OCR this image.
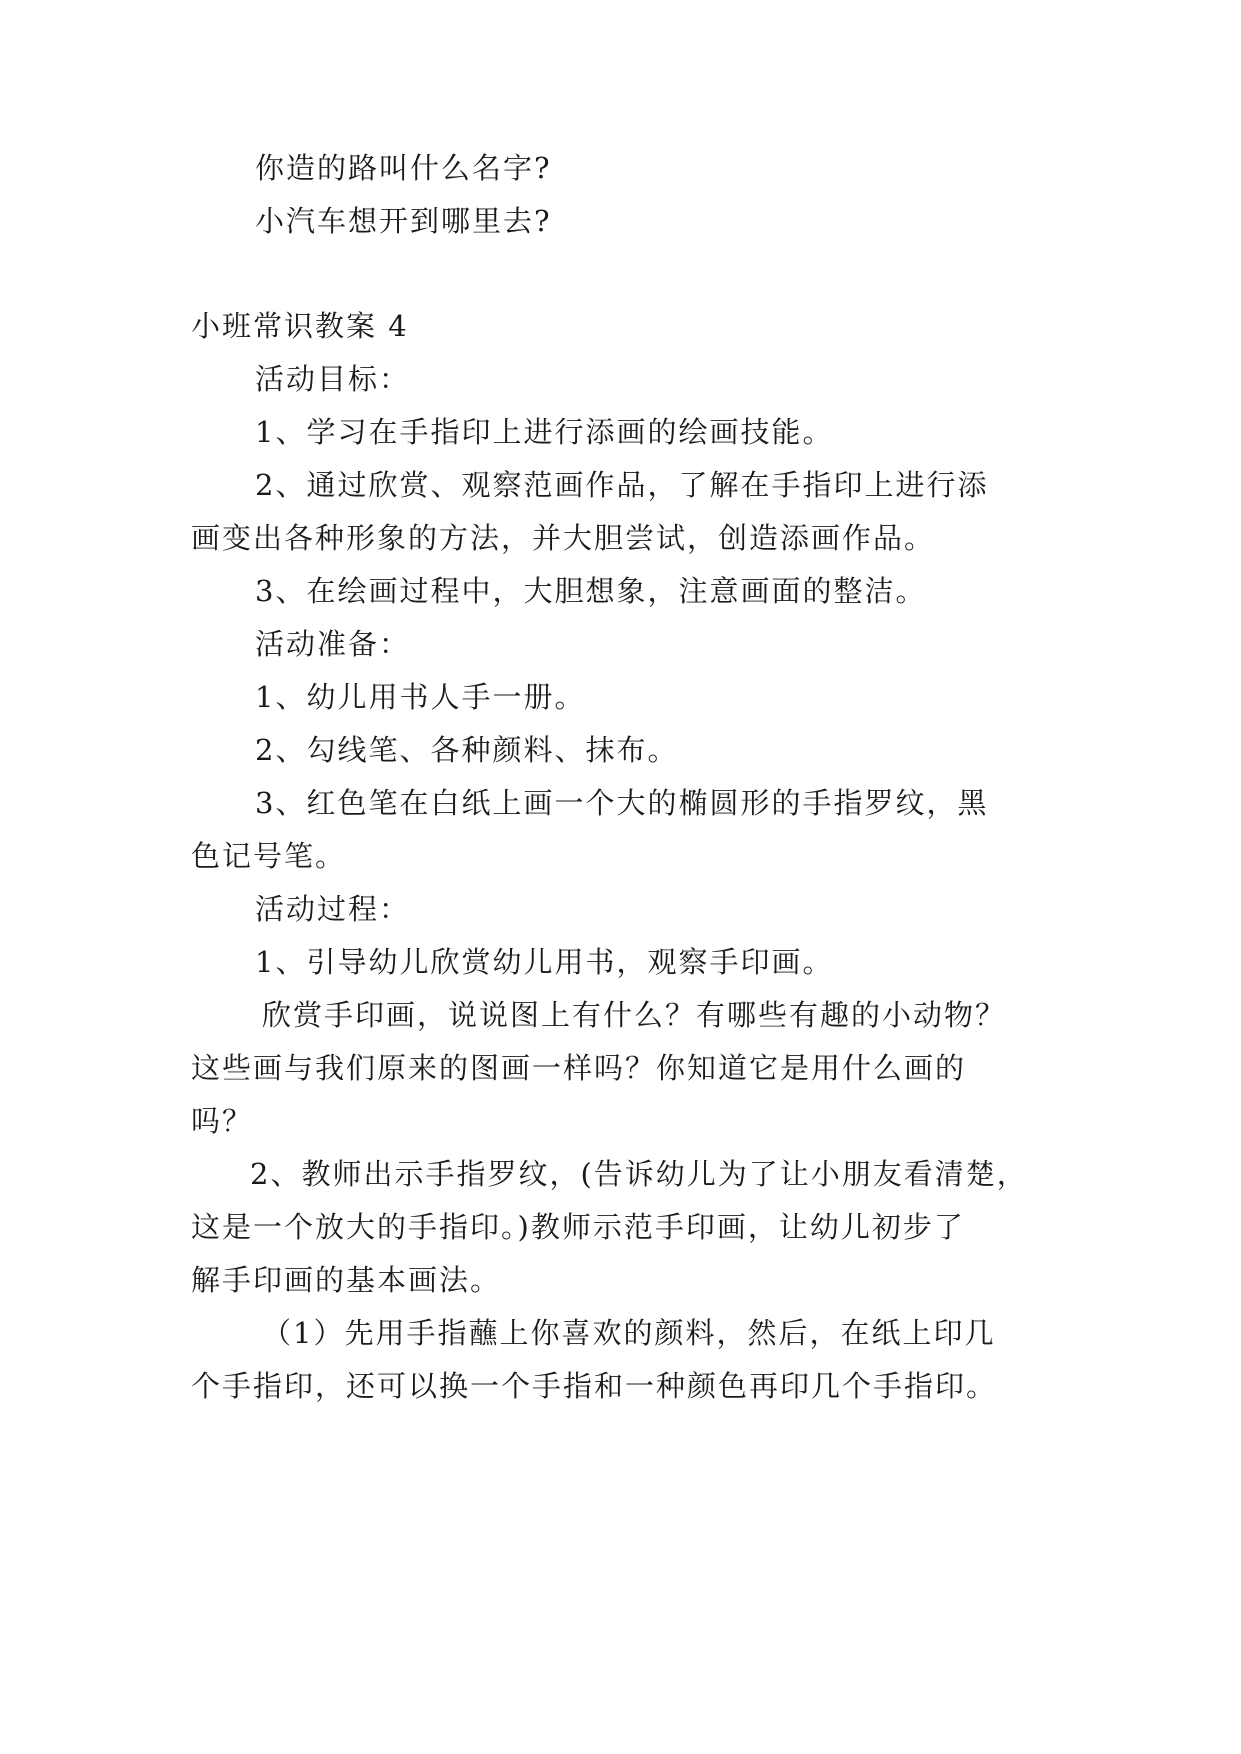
你造的路叫什么名字?
小汽车想开到哪里去?
小班常识教案 4
活动目标：
1、学习在手指印上进行添画的绘画技能。
2、通过欣赏、观察范画作品，了解在手指印上进行添
画变出各种形象的方法，并大胆尝试，创造添画作品。
3、在绘画过程中，大胆想象，注意画面的整洁。
活动准备：
1、幼儿用书人手一册。
2、勾线笔、各种颜料、抹布。
3、红色笔在白纸上画一个大的椭圆形的手指罗纹，黑
色记号笔。
活动过程：
1、引导幼儿欣赏幼儿用书，观察手印画。
欣赏手印画，说说图上有什么？有哪些有趣的小动物？
这些画与我们原来的图画一样吗？你知道它是用什么画的
吗？
2、教师出示手指罗纹，(告诉幼儿为了让小朋友看清楚，
这是一个放大的手指印。)教师示范手印画，让幼儿初步了
解手印画的基本画法。
（1）先用手指蘸上你喜欢的颜料，然后，在纸上印几
个手指印，还可以换一个手指和一种颜色再印几个手指印。
